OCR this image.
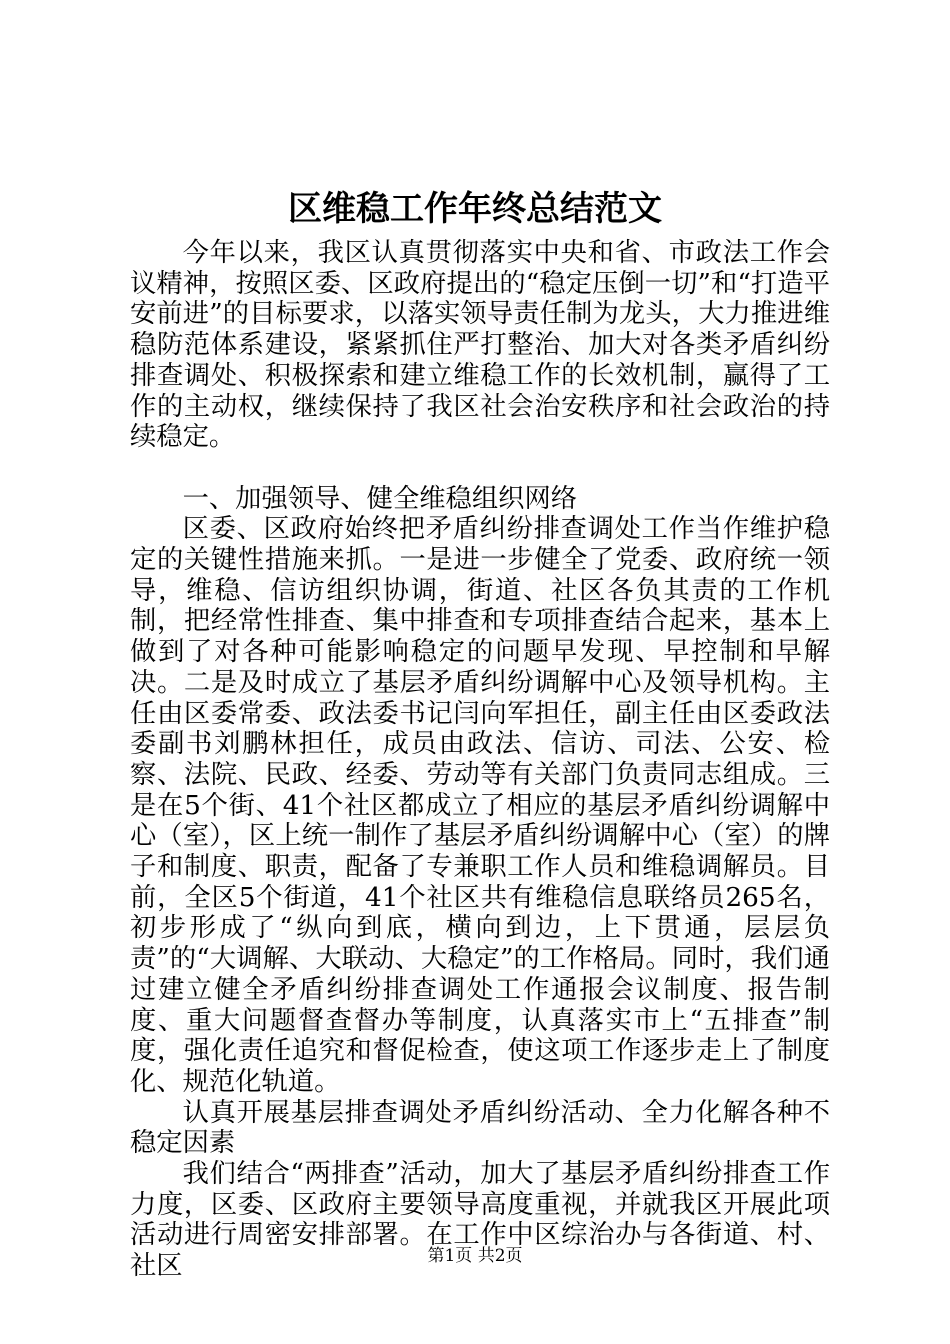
区维稳工作年终总结范文

今年以来，我区认真贯彻落实中央和省、市政法工作会议精神，按照区委、区政府提出的“稳定压倒一切”和“打造平安前进”的目标要求，以落实领导责任制为龙头，大力推进维稳防范体系建设，紧紧抓住严打整治、加大对各类矛盾纠纷排查调处、积极探索和建立维稳工作的长效机制，赢得了工作的主动权，继续保持了我区社会治安秩序和社会政治的持续稳定。

一、加强领导、健全维稳组织网络

区委、区政府始终把矛盾纠纷排查调处工作当作维护稳定的关键性措施来抓。一是进一步健全了党委、政府统一领导，维稳、信访组织协调，街道、社区各负其责的工作机制，把经常性排查、集中排查和专项排查结合起来，基本上做到了对各种可能影响稳定的问题早发现、早控制和早解决。二是及时成立了基层矛盾纠纷调解中心及领导机构。主任由区委常委、政法委书记闫向军担任，副主任由区委政法委副书刘鹏林担任，成员由政法、信访、司法、公安、检察、法院、民政、经委、劳动等有关部门负责同志组成。三是在5个街、41个社区都成立了相应的基层矛盾纠纷调解中心（室），区上统一制作了基层矛盾纠纷调解中心（室）的牌子和制度、职责，配备了专兼职工作人员和维稳调解员。目前，全区5个街道，41个社区共有维稳信息联络员265名，初步形成了“纵向到底，横向到边，上下贯通，层层负责”的“大调解、大联动、大稳定”的工作格局。同时，我们通过建立健全矛盾纠纷排查调处工作通报会议制度、报告制度、重大问题督查督办等制度，认真落实市上“五排查”制度，强化责任追究和督促检查，使这项工作逐步走上了制度化、规范化轨道。

认真开展基层排查调处矛盾纠纷活动、全力化解各种不稳定因素

我们结合“两排查”活动，加大了基层矛盾纠纷排查工作力度，区委、区政府主要领导高度重视，并就我区开展此项活动进行周密安排部署。在工作中区综治办与各街道、村、社区	第1页 共2页
